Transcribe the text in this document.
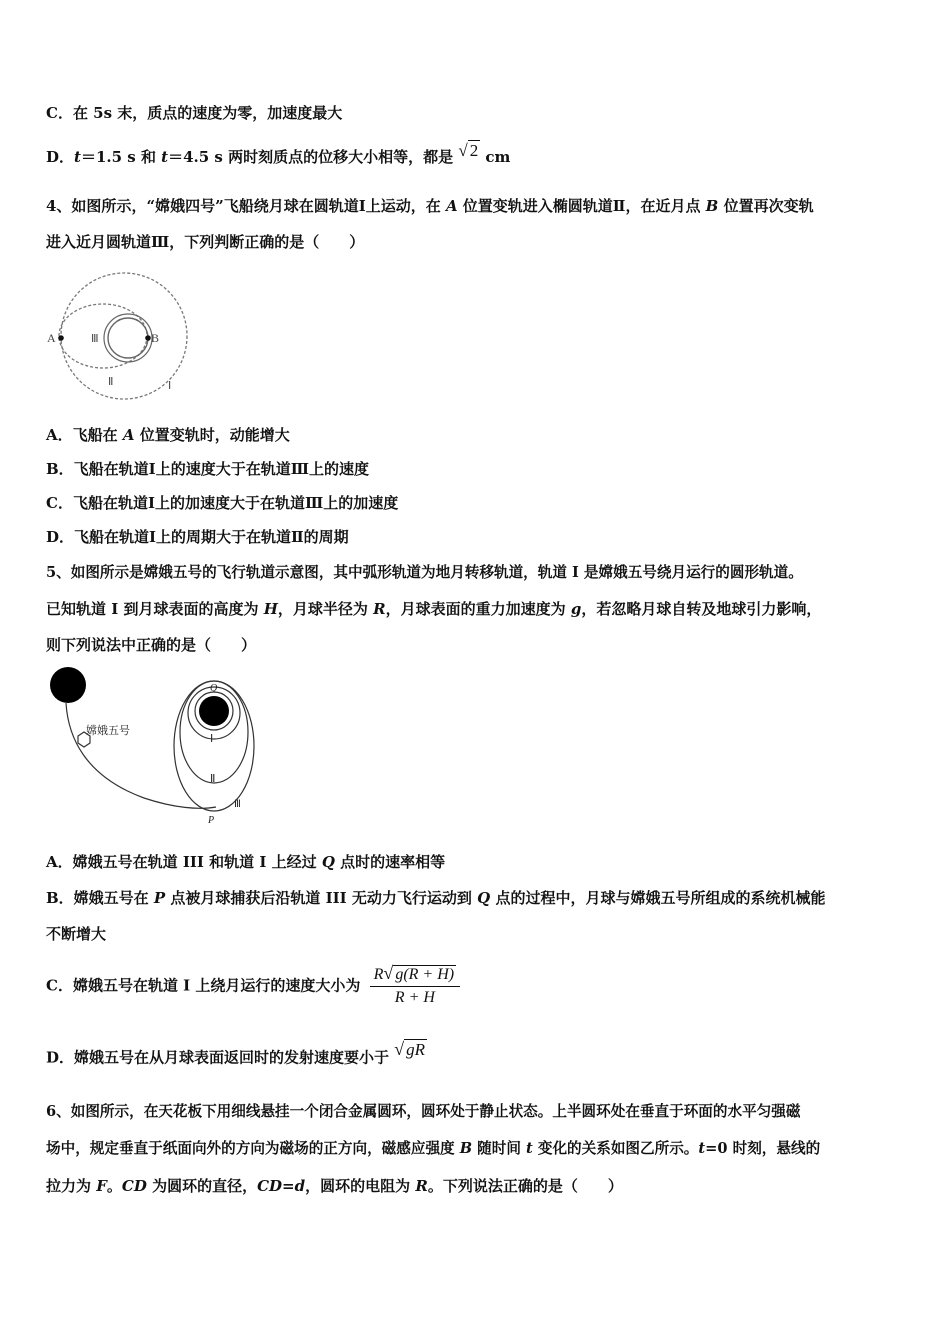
C．在 5s 末，质点的速度为零，加速度最大
D．t＝1.5 s 和 t＝4.5 s 两时刻质点的位移大小相等，都是 √ 2 cm
4、如图所示，“嫦娥四号”飞船绕月球在圆轨道Ⅰ上运动，在 A 位置变轨进入椭圆轨道Ⅱ，在近月点 B 位置再次变轨
进入近月圆轨道Ⅲ，下列判断正确的是（　　）
A	B
Ⅲ
Ⅱ	Ⅰ
A．飞船在 A 位置变轨时，动能增大
B．飞船在轨道Ⅰ上的速度大于在轨道Ⅲ上的速度
C．飞船在轨道Ⅰ上的加速度大于在轨道Ⅲ上的加速度
D．飞船在轨道Ⅰ上的周期大于在轨道Ⅱ的周期
5、如图所示是嫦娥五号的飞行轨道示意图，其中弧形轨道为地月转移轨道，轨道 I 是嫦娥五号绕月运行的圆形轨道。
已知轨道 I 到月球表面的高度为 H，月球半径为 R，月球表面的重力加速度为 g，若忽略月球自转及地球引力影响，
则下列说法中正确的是（　　）
嫦娥五号
Q
Ⅰ
Ⅱ
Ⅲ
P
A．嫦娥五号在轨道 III 和轨道 I 上经过 Q 点时的速率相等
B．嫦娥五号在 P 点被月球捕获后沿轨道 III 无动力飞行运动到 Q 点的过程中，月球与嫦娥五号所组成的系统机械能
不断增大
C．嫦娥五号在轨道 I 上绕月运行的速度大小为 $\frac{R√ g(R + H)}{R + H}$
D．嫦娥五号在从月球表面返回时的发射速度要小于 √ gR
6、如图所示，在天花板下用细线悬挂一个闭合金属圆环，圆环处于静止状态。上半圆环处在垂直于环面的水平匀强磁
场中，规定垂直于纸面向外的方向为磁场的正方向，磁感应强度 B 随时间 t 变化的关系如图乙所示。t=0 时刻，悬线的
拉力为 F。CD 为圆环的直径，CD=d，圆环的电阻为 R。下列说法正确的是（　　）
